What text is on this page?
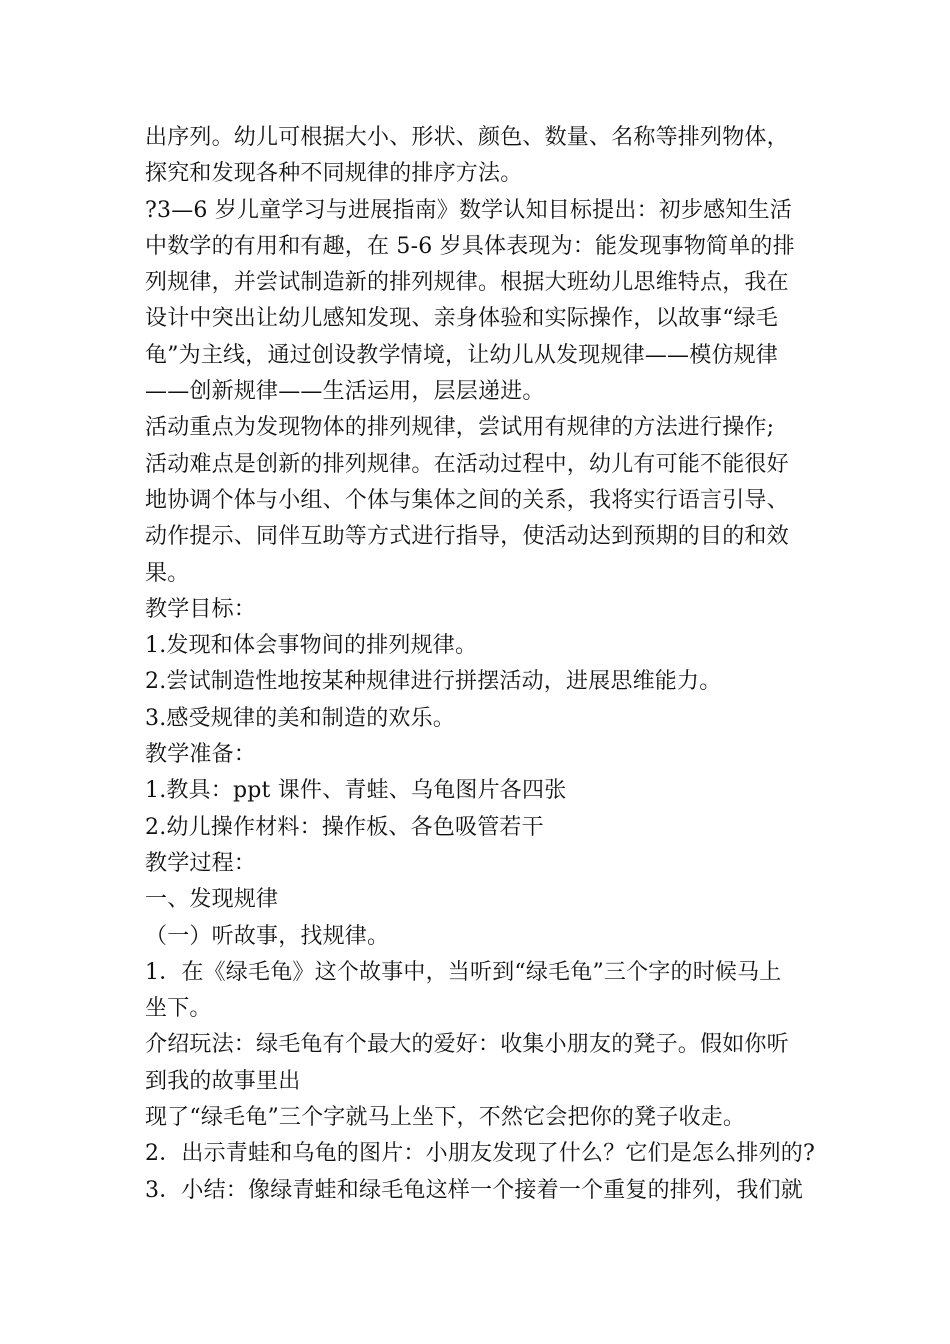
出序列。幼儿可根据大小、形状、颜色、数量、名称等排列物体，
探究和发现各种不同规律的排序方法。
?3—6 岁儿童学习与进展指南》数学认知目标提出：初步感知生活
中数学的有用和有趣，在 5-6 岁具体表现为：能发现事物简单的排
列规律，并尝试制造新的排列规律。根据大班幼儿思维特点，我在
设计中突出让幼儿感知发现、亲身体验和实际操作，以故事“绿毛
龟”为主线，通过创设教学情境，让幼儿从发现规律——模仿规律
——创新规律——生活运用，层层递进。
活动重点为发现物体的排列规律，尝试用有规律的方法进行操作;
活动难点是创新的排列规律。在活动过程中，幼儿有可能不能很好
地协调个体与小组、个体与集体之间的关系，我将实行语言引导、
动作提示、同伴互助等方式进行指导，使活动达到预期的目的和效
果。
教学目标：
1.发现和体会事物间的排列规律。
2.尝试制造性地按某种规律进行拼摆活动，进展思维能力。
3.感受规律的美和制造的欢乐。
教学准备：
1.教具：ppt 课件、青蛙、乌龟图片各四张
2.幼儿操作材料：操作板、各色吸管若干
教学过程：
一、发现规律
（一）听故事，找规律。
1．在《绿毛龟》这个故事中，当听到“绿毛龟”三个字的时候马上
坐下。
介绍玩法：绿毛龟有个最大的爱好：收集小朋友的凳子。假如你听
到我的故事里出
现了“绿毛龟”三个字就马上坐下，不然它会把你的凳子收走。
2．出示青蛙和乌龟的图片：小朋友发现了什么？它们是怎么排列的?
3．小结：像绿青蛙和绿毛龟这样一个接着一个重复的排列，我们就
